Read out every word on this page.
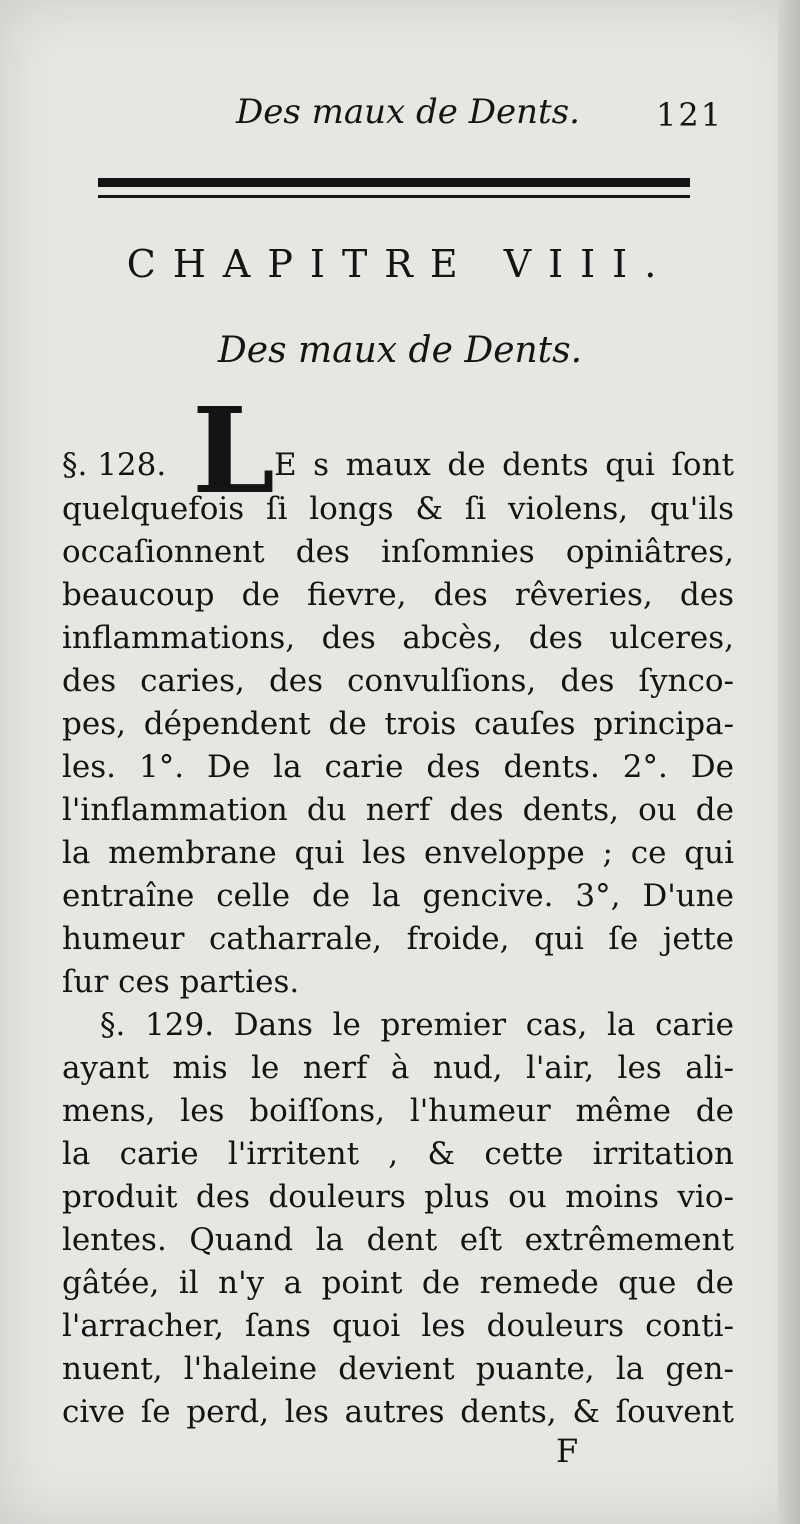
Des maux de Dents. 121
CHAPITRE VIII.
Des maux de Dents.
L
§. 128.	E s maux de dents qui ſont
quelquefois ſi longs & ſi violens, qu'ils
occaſionnent des inſomnies opiniâtres,
beaucoup de fievre, des rêveries, des
inflammations, des abcès, des ulceres,
des caries, des convulſions, des ſynco-
pes, dépendent de trois cauſes principa-
les. 1°. De la carie des dents. 2°. De
l'inflammation du nerf des dents, ou de
la membrane qui les enveloppe ; ce qui
entraîne celle de la gencive. 3°, D'une
humeur catharrale, froide, qui ſe jette
ſur ces parties.
§. 129. Dans le premier cas, la carie
ayant mis le nerf à nud, l'air, les ali-
mens, les boiſſons, l'humeur même de
la carie l'irritent , & cette irritation
produit des douleurs plus ou moins vio-
lentes. Quand la dent eſt extrêmement
gâtée, il n'y a point de remede que de
l'arracher, ſans quoi les douleurs conti-
nuent, l'haleine devient puante, la gen-
cive ſe perd, les autres dents, & ſouvent
F
